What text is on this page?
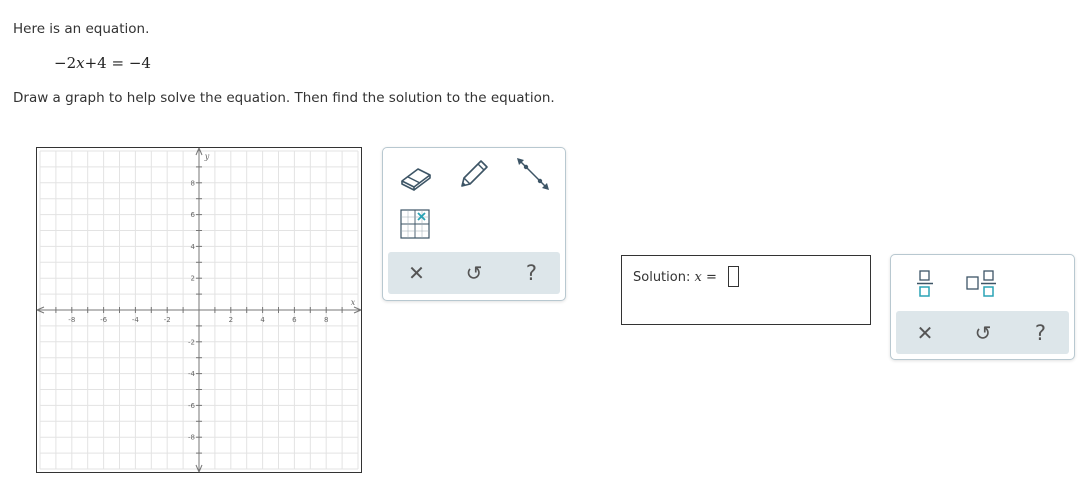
Here is an equation.
−2x+4 = −4
Draw a graph to help solve the equation. Then find the solution to the equation.
-8	-6	-4	-2	2	4	6	8
8
6
4
2
-2
-4
-6
-8
x
y
✕ ↺ ?	Solution: x =
✕ ↺ ?
